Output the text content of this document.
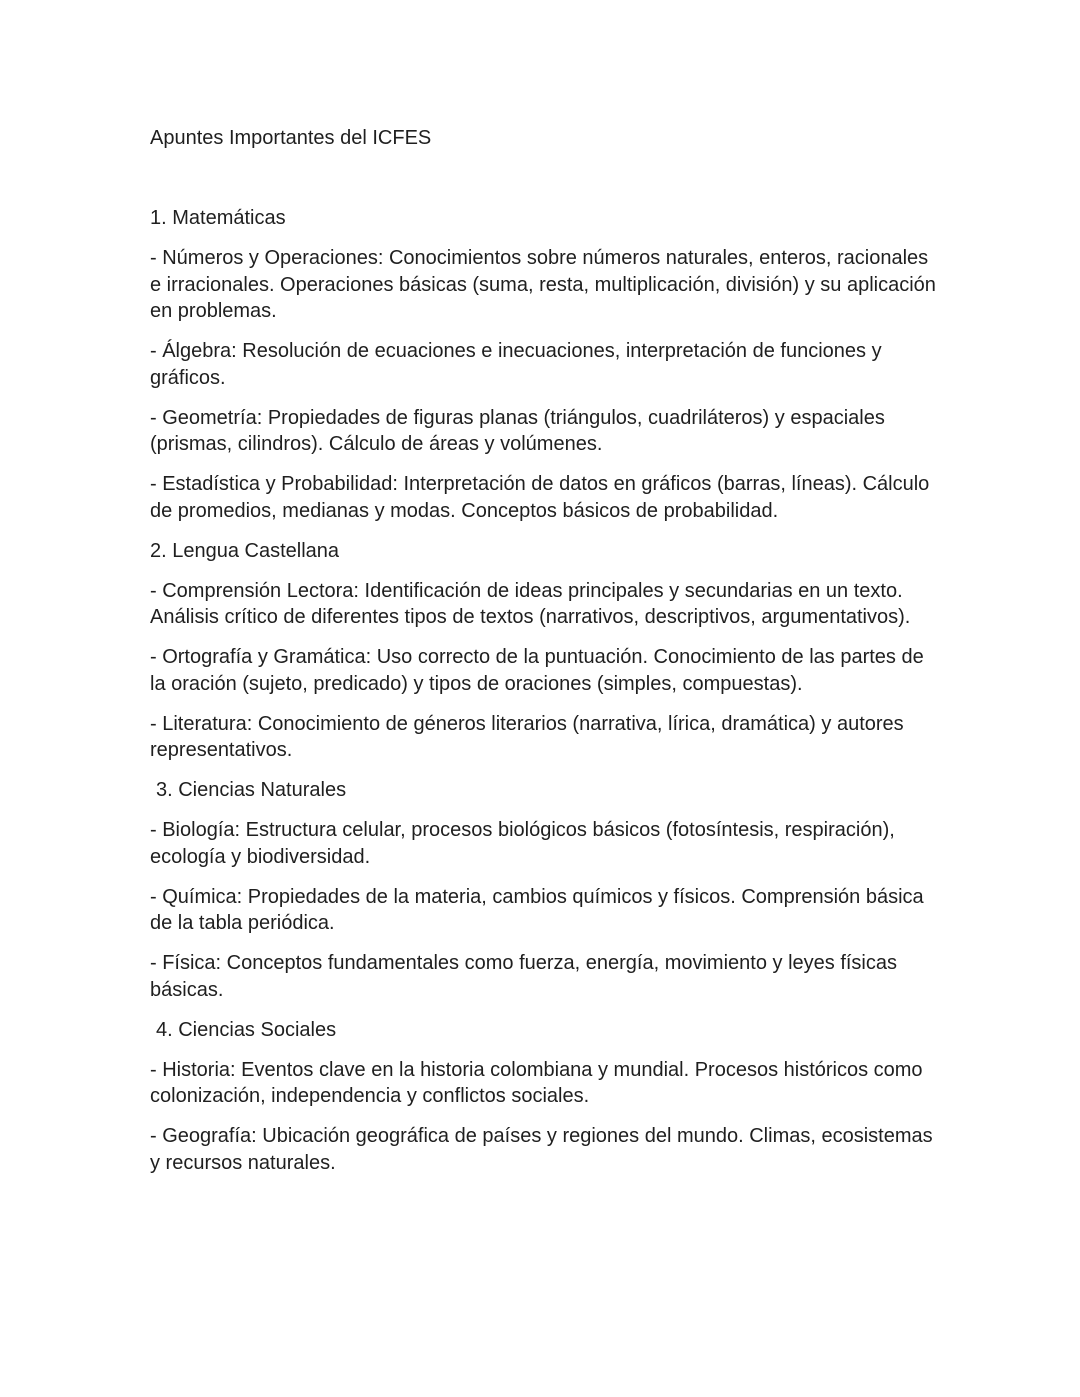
Apuntes Importantes del ICFES

1. Matemáticas

- Números y Operaciones: Conocimientos sobre números naturales, enteros, racionales e irracionales. Operaciones básicas (suma, resta, multiplicación, división) y su aplicación en problemas.

- Álgebra: Resolución de ecuaciones e inecuaciones, interpretación de funciones y gráficos.

- Geometría: Propiedades de figuras planas (triángulos, cuadriláteros) y espaciales (prismas, cilindros). Cálculo de áreas y volúmenes.

- Estadística y Probabilidad: Interpretación de datos en gráficos (barras, líneas). Cálculo de promedios, medianas y modas. Conceptos básicos de probabilidad.

2. Lengua Castellana

- Comprensión Lectora: Identificación de ideas principales y secundarias en un texto. Análisis crítico de diferentes tipos de textos (narrativos, descriptivos, argumentativos).

- Ortografía y Gramática: Uso correcto de la puntuación. Conocimiento de las partes de la oración (sujeto, predicado) y tipos de oraciones (simples, compuestas).

- Literatura: Conocimiento de géneros literarios (narrativa, lírica, dramática) y autores representativos.

3. Ciencias Naturales

- Biología: Estructura celular, procesos biológicos básicos (fotosíntesis, respiración), ecología y biodiversidad.

- Química: Propiedades de la materia, cambios químicos y físicos. Comprensión básica de la tabla periódica.

- Física: Conceptos fundamentales como fuerza, energía, movimiento y leyes físicas básicas.

4. Ciencias Sociales

- Historia: Eventos clave en la historia colombiana y mundial. Procesos históricos como colonización, independencia y conflictos sociales.

- Geografía: Ubicación geográfica de países y regiones del mundo. Climas, ecosistemas y recursos naturales.
